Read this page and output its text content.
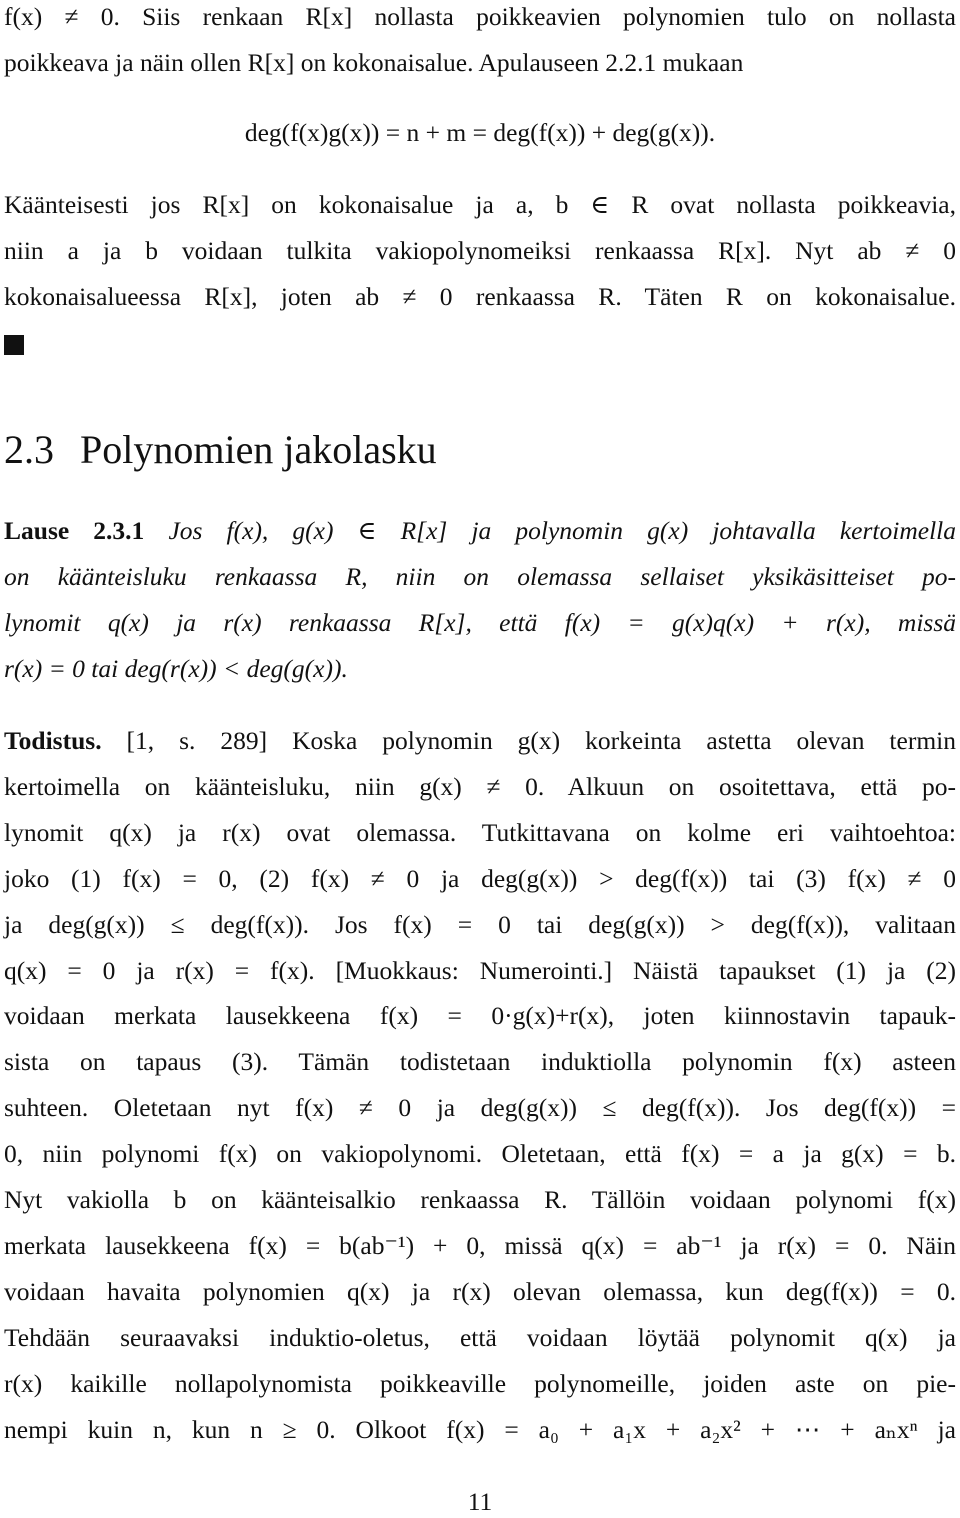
f(x) ≠ 0. Siis renkaan R[x] nollasta poikkeavien polynomien tulo on nollasta
poikkeava ja näin ollen R[x] on kokonaisalue. Apulauseen 2.2.1 mukaan
deg(f(x)g(x)) = n + m = deg(f(x)) + deg(g(x)).
Käänteisesti jos R[x] on kokonaisalue ja a, b ∈ R ovat nollasta poikkeavia,
niin a ja b voidaan tulkita vakiopolynomeiksi renkaassa R[x]. Nyt ab ≠ 0
kokonaisalueessa R[x], joten ab ≠ 0 renkaassa R. Täten R on kokonaisalue.
2.3 Polynomien jakolasku
Lause 2.3.1 Jos f(x), g(x) ∈ R[x] ja polynomin g(x) johtavalla kertoimella
on käänteisluku renkaassa R, niin on olemassa sellaiset yksikäsitteiset po-
lynomit q(x) ja r(x) renkaassa R[x], että f(x) = g(x)q(x) + r(x), missä
r(x) = 0 tai deg(r(x)) < deg(g(x)).
Todistus. [1, s. 289] Koska polynomin g(x) korkeinta astetta olevan termin
kertoimella on käänteisluku, niin g(x) ≠ 0. Alkuun on osoitettava, että po-
lynomit q(x) ja r(x) ovat olemassa. Tutkittavana on kolme eri vaihtoehtoa:
joko (1) f(x) = 0, (2) f(x) ≠ 0 ja deg(g(x)) > deg(f(x)) tai (3) f(x) ≠ 0
ja deg(g(x)) ≤ deg(f(x)). Jos f(x) = 0 tai deg(g(x)) > deg(f(x)), valitaan
q(x) = 0 ja r(x) = f(x). [Muokkaus: Numerointi.] Näistä tapaukset (1) ja (2)
voidaan merkata lausekkeena f(x) = 0·g(x)+r(x), joten kiinnostavin tapauk-
sista on tapaus (3). Tämän todistetaan induktiolla polynomin f(x) asteen
suhteen. Oletetaan nyt f(x) ≠ 0 ja deg(g(x)) ≤ deg(f(x)). Jos deg(f(x)) =
0, niin polynomi f(x) on vakiopolynomi. Oletetaan, että f(x) = a ja g(x) = b.
Nyt vakiolla b on käänteisalkio renkaassa R. Tällöin voidaan polynomi f(x)
merkata lausekkeena f(x) = b(ab⁻¹) + 0, missä q(x) = ab⁻¹ ja r(x) = 0. Näin
voidaan havaita polynomien q(x) ja r(x) olevan olemassa, kun deg(f(x)) = 0.
Tehdään seuraavaksi induktio-oletus, että voidaan löytää polynomit q(x) ja
r(x) kaikille nollapolynomista poikkeaville polynomeille, joiden aste on pie-
nempi kuin n, kun n ≥ 0. Olkoot f(x) = a₀ + a₁x + a₂x² + ⋯ + aₙxⁿ ja
11
